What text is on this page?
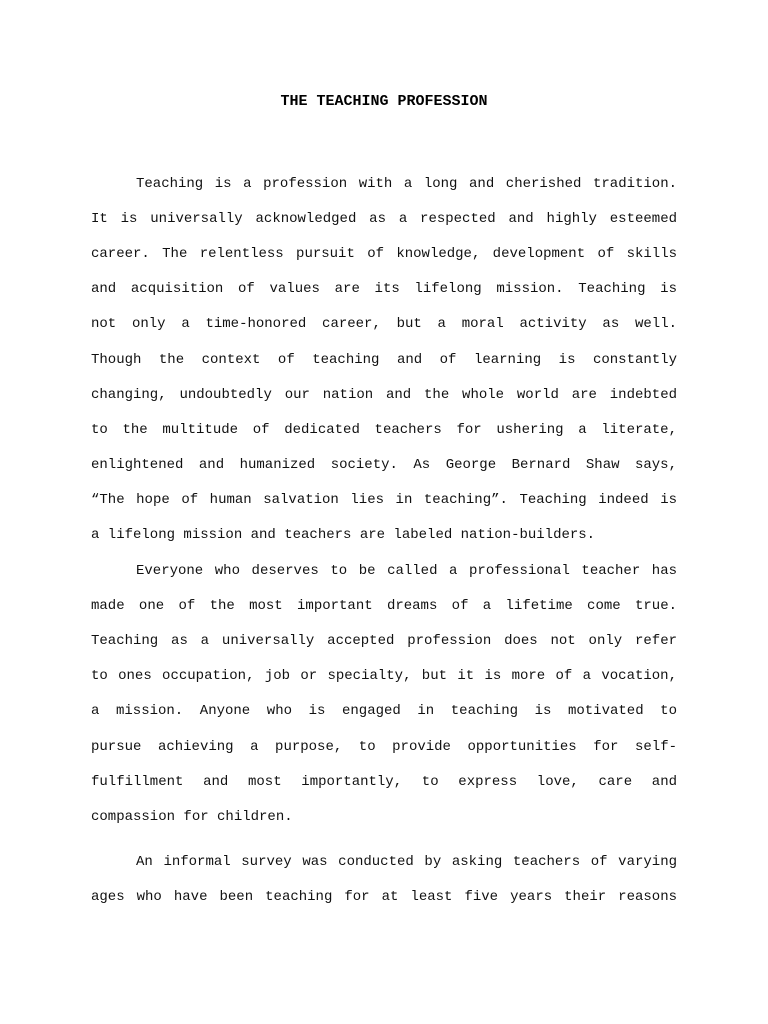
THE TEACHING PROFESSION
Teaching is a profession with a long and cherished tradition.
It is universally acknowledged as a respected and highly esteemed
career. The relentless pursuit of knowledge, development of skills
and acquisition of values are its lifelong mission. Teaching is
not only a time-honored career, but a moral activity as well.
Though the context of teaching and of learning is constantly
changing, undoubtedly our nation and the whole world are indebted
to the multitude of dedicated teachers for ushering a literate,
enlightened and humanized society. As George Bernard Shaw says,
“The hope of human salvation lies in teaching”. Teaching indeed is
a lifelong mission and teachers are labeled nation-builders.
Everyone who deserves to be called a professional teacher has
made one of the most important dreams of a lifetime come true.
Teaching as a universally accepted profession does not only refer
to ones occupation, job or specialty, but it is more of a vocation,
a mission. Anyone who is engaged in teaching is motivated to
pursue achieving a purpose, to provide opportunities for self-
fulfillment and most importantly, to express love, care and
compassion for children.
An informal survey was conducted by asking teachers of varying
ages who have been teaching for at least five years their reasons
